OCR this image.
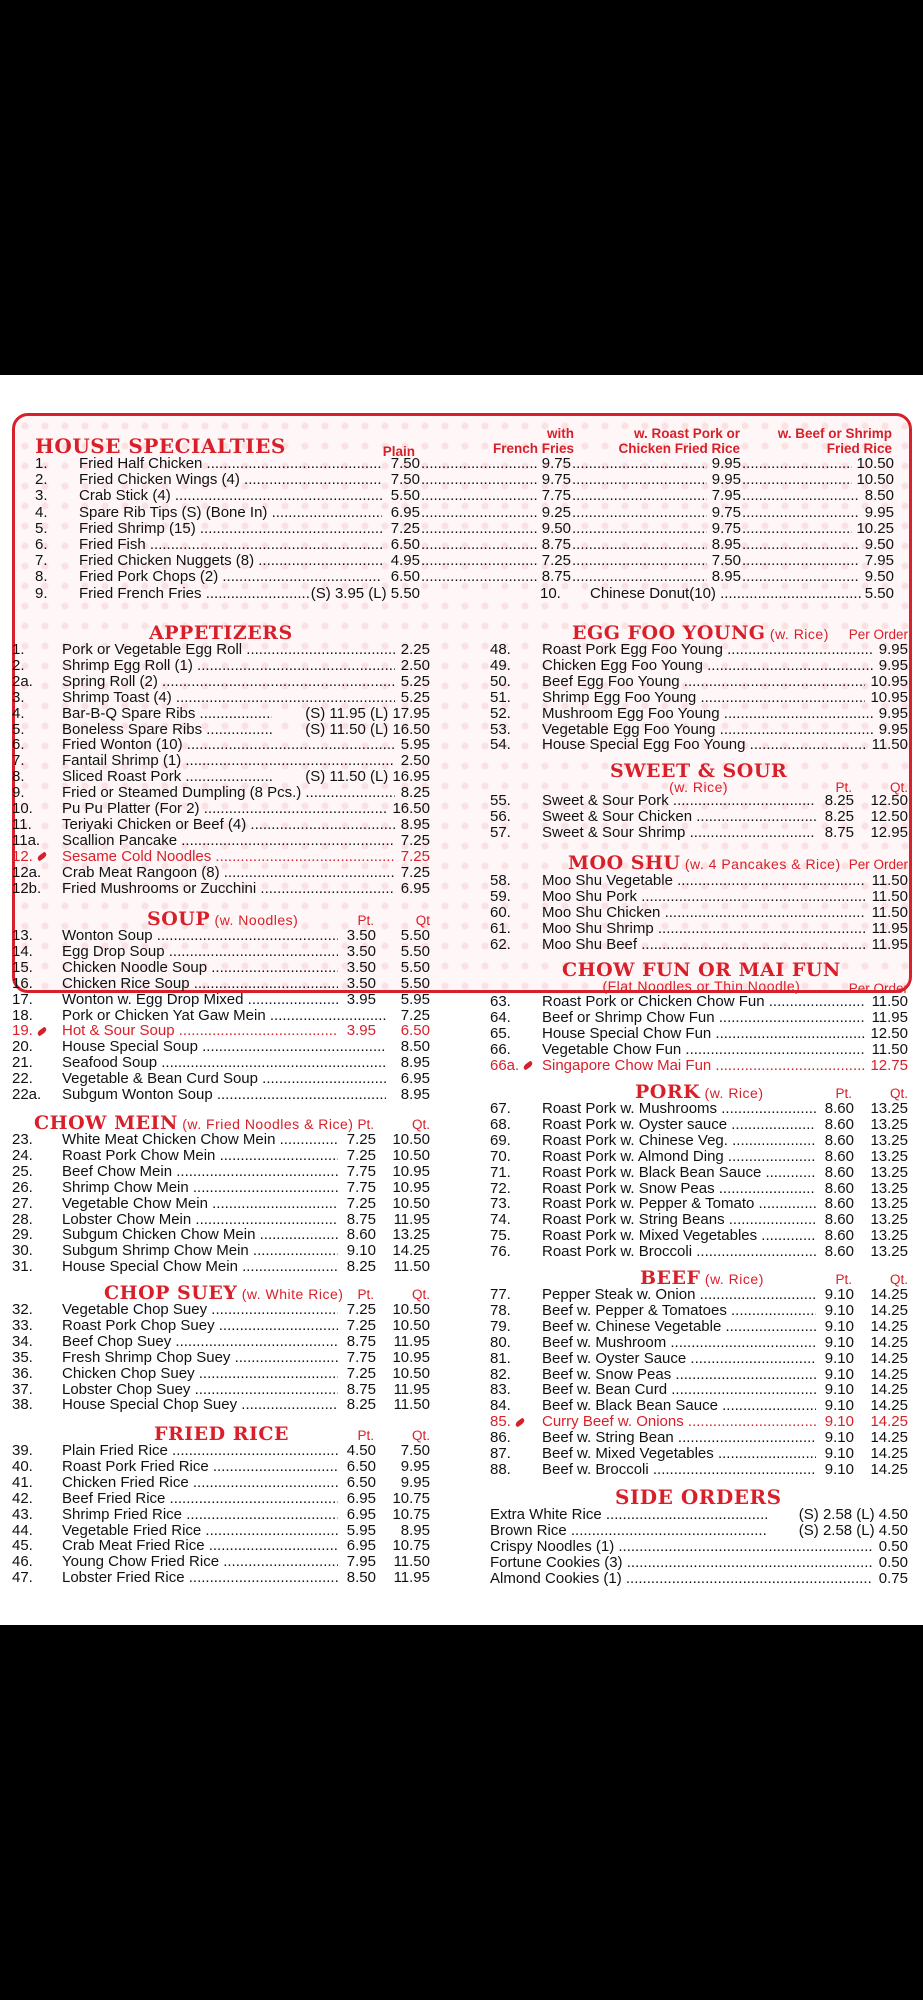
HOUSE SPECIALTIES	Plain
with
French Fries
w. Roast Pork or
Chicken Fried Rice
w. Beef or Shrimp
Fried Rice
1. Fried Half Chicken .....	7.50 .....	9.75 .....	9.95 .....	10.50
2. Fried Chicken Wings (4) .....	7.50 .....	9.75 .....	9.95 .....	10.50
3. Crab Stick (4) .....	5.50 .....	7.75 .....	7.95 .....	8.50
4. Spare Rib Tips (S) (Bone In) .....	6.95 .....	9.25 .....	9.75 .....	9.95
5. Fried Shrimp (15) .....	7.25 .....	9.50 .....	9.75 .....	10.25
6. Fried Fish .....	6.50 .....	8.75 .....	8.95 .....	9.50
7. Fried Chicken Nuggets (8) .....	4.95 .....	7.25 .....	7.50 .....	7.95
8. Fried Pork Chops (2) .....	6.50 .....	8.75 .....	8.95 .....	9.50
9. Fried French Fries .....	(S) 3.95 (L) 5.50	10. Chinese Donut(10) .....	5.50
APPETIZERS
1. Pork or Vegetable Egg Roll .....	2.25
2. Shrimp Egg Roll (1) .....	2.50
2a. Spring Roll (2) .....	5.25
3. Shrimp Toast (4) .....	5.25
4. Bar-B-Q Spare Ribs .....	(S) 11.95 (L) 17.95
5. Boneless Spare Ribs .....	(S) 11.50 (L) 16.50
6. Fried Wonton (10) .....	5.95
7. Fantail Shrimp (1) .....	2.50
8. Sliced Roast Pork .....	(S) 11.50 (L) 16.95
9. Fried or Steamed Dumpling (8 Pcs.) .....	8.25
10. Pu Pu Platter (For 2) .....	16.50
11. Teriyaki Chicken or Beef (4) .....	8.95
11a. Scallion Pancake .....	7.25
12.	Sesame Cold Noodles .....	7.25
12a. Crab Meat Rangoon (8) .....	7.25
12b. Fried Mushrooms or Zucchini .....	6.95
SOUP (w. Noodles)	Pt.	Qt
13. Wonton Soup .....	3.50 5.50
14. Egg Drop Soup .....	3.50 5.50
15. Chicken Noodle Soup .....	3.50 5.50
16. Chicken Rice Soup .....	3.50 5.50
17. Wonton w. Egg Drop Mixed .....	3.95 5.95
18. Pork or Chicken Yat Gaw Mein .....	7.25
19.	Hot & Sour Soup .....	3.95 6.50
20. House Special Soup .....	8.50
21. Seafood Soup .....	8.95
22. Vegetable & Bean Curd Soup .....	6.95
22a. Subgum Wonton Soup .....	8.95
CHOW MEIN (w. Fried Noodles & Rice) Pt.	Qt.
23. White Meat Chicken Chow Mein .....	7.25 10.50
24. Roast Pork Chow Mein .....	7.25 10.50
25. Beef Chow Mein .....	7.75 10.95
26. Shrimp Chow Mein .....	7.75 10.95
27. Vegetable Chow Mein .....	7.25 10.50
28. Lobster Chow Mein .....	8.75 11.95
29. Subgum Chicken Chow Mein .....	8.60 13.25
30. Subgum Shrimp Chow Mein .....	9.10 14.25
31. House Special Chow Mein .....	8.25 11.50
CHOP SUEY (w. White Rice) Pt.	Qt.
32. Vegetable Chop Suey .....	7.25 10.50
33. Roast Pork Chop Suey .....	7.25 10.50
34. Beef Chop Suey .....	8.75 11.95
35. Fresh Shrimp Chop Suey .....	7.75 10.95
36. Chicken Chop Suey .....	7.25 10.50
37. Lobster Chop Suey .....	8.75 11.95
38. House Special Chop Suey .....	8.25 11.50
FRIED RICE	Pt.	Qt.
39. Plain Fried Rice .....	4.50 7.50
40. Roast Pork Fried Rice .....	6.50 9.95
41. Chicken Fried Rice .....	6.50 9.95
42. Beef Fried Rice .....	6.95 10.75
43. Shrimp Fried Rice .....	6.95 10.75
44. Vegetable Fried Rice .....	5.95 8.95
45. Crab Meat Fried Rice .....	6.95 10.75
46. Young Chow Fried Rice .....	7.95 11.50
47. Lobster Fried Rice .....	8.50 11.95
EGG FOO YOUNG (w. Rice) Per Order
48. Roast Pork Egg Foo Young .....	9.95
49. Chicken Egg Foo Young .....	9.95
50. Beef Egg Foo Young .....	10.95
51. Shrimp Egg Foo Young .....	10.95
52. Mushroom Egg Foo Young .....	9.95
53. Vegetable Egg Foo Young .....	9.95
54. House Special Egg Foo Young .....	11.50
SWEET & SOUR
(w. Rice)	Pt.	Qt.
55. Sweet & Sour Pork .....	8.25 12.50
56. Sweet & Sour Chicken .....	8.25 12.50
57. Sweet & Sour Shrimp .....	8.75 12.95
MOO SHU (w. 4 Pancakes & Rice) Per Order
58. Moo Shu Vegetable .....	11.50
59. Moo Shu Pork .....	11.50
60. Moo Shu Chicken .....	11.50
61. Moo Shu Shrimp .....	11.95
62. Moo Shu Beef .....	11.95
CHOW FUN OR MAI FUN
(Flat Noodles or Thin Noodle)	Per Order
63. Roast Pork or Chicken Chow Fun .....	11.50
64. Beef or Shrimp Chow Fun .....	11.95
65. House Special Chow Fun .....	12.50
66. Vegetable Chow Fun .....	11.50
66a.	Singapore Chow Mai Fun .....	12.75
PORK (w. Rice)	Pt.	Qt.
67. Roast Pork w. Mushrooms .....	8.60 13.25
68. Roast Pork w. Oyster sauce .....	8.60 13.25
69. Roast Pork w. Chinese Veg. .....	8.60 13.25
70. Roast Pork w. Almond Ding .....	8.60 13.25
71. Roast Pork w. Black Bean Sauce .....	8.60 13.25
72. Roast Pork w. Snow Peas .....	8.60 13.25
73. Roast Pork w. Pepper & Tomato .....	8.60 13.25
74. Roast Pork w. String Beans .....	8.60 13.25
75. Roast Pork w. Mixed Vegetables .....	8.60 13.25
76. Roast Pork w. Broccoli .....	8.60 13.25
BEEF (w. Rice)	Pt.	Qt.
77. Pepper Steak w. Onion .....	9.10 14.25
78. Beef w. Pepper & Tomatoes .....	9.10 14.25
79. Beef w. Chinese Vegetable .....	9.10 14.25
80. Beef w. Mushroom .....	9.10 14.25
81. Beef w. Oyster Sauce .....	9.10 14.25
82. Beef w. Snow Peas .....	9.10 14.25
83. Beef w. Bean Curd .....	9.10 14.25
84. Beef w. Black Bean Sauce .....	9.10 14.25
85.	Curry Beef w. Onions .....	9.10 14.25
86. Beef w. String Bean .....	9.10 14.25
87. Beef w. Mixed Vegetables .....	9.10 14.25
88. Beef w. Broccoli .....	9.10 14.25
SIDE ORDERS
Extra White Rice .....	(S) 2.58 (L) 4.50
Brown Rice .....	(S) 2.58 (L) 4.50
Crispy Noodles (1) .....	0.50
Fortune Cookies (3) .....	0.50
Almond Cookies (1) .....	0.75
